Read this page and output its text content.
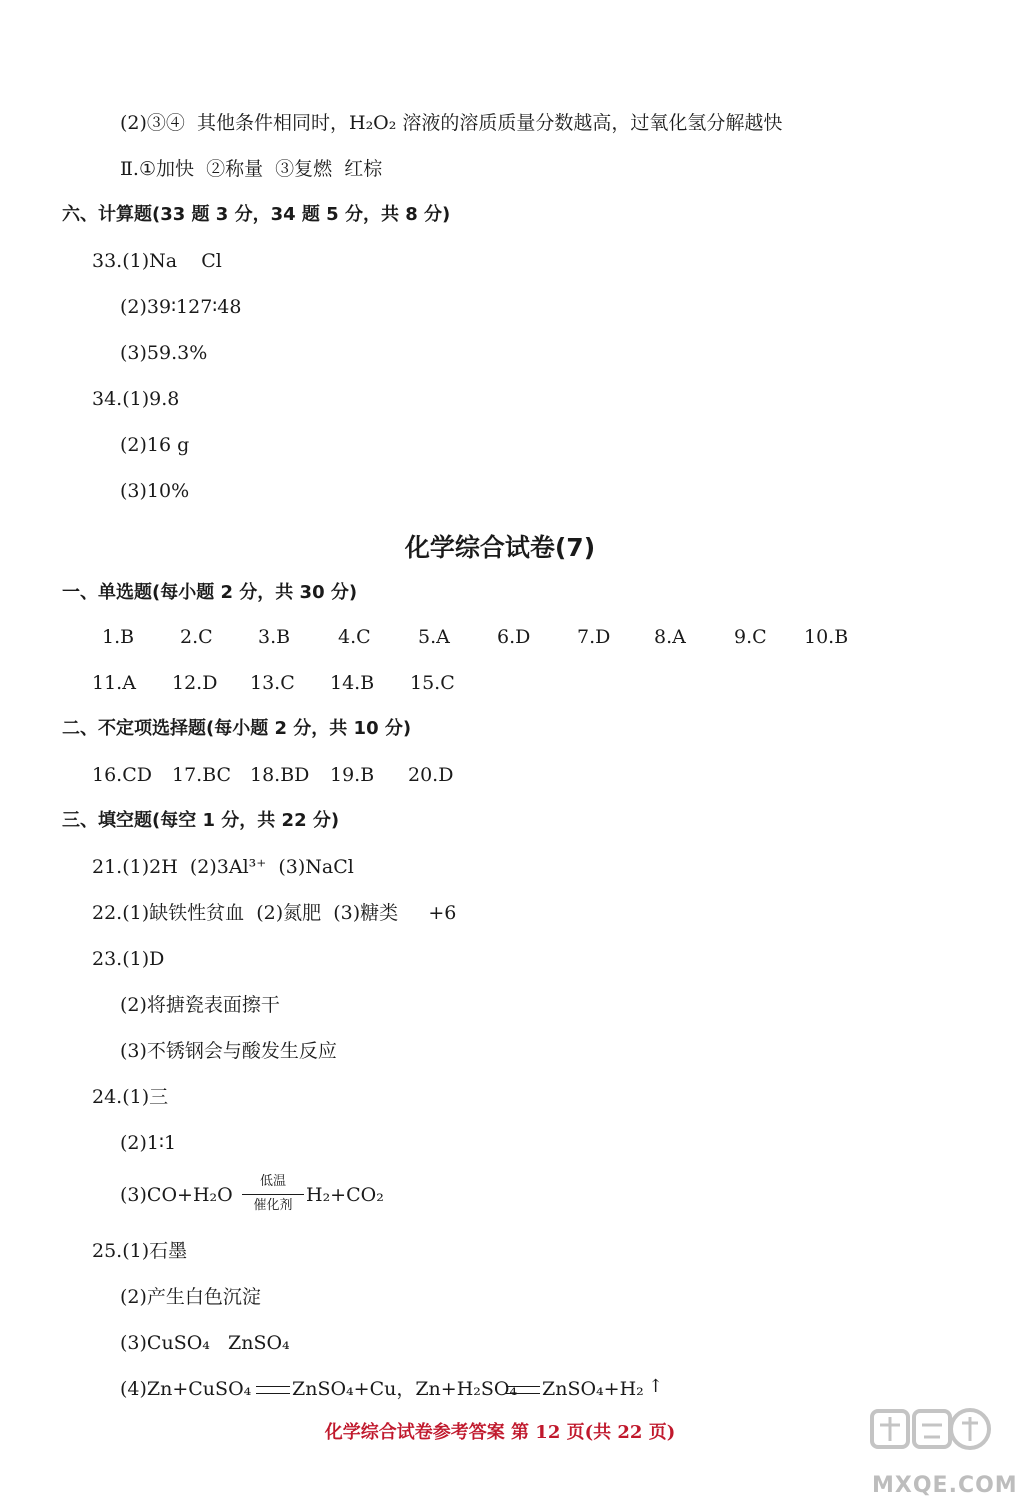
(2)③④  其他条件相同时，H₂O₂ 溶液的溶质质量分数越高，过氧化氢分解越快
Ⅱ.①加快  ②称量  ③复燃  红棕
六、计算题(33 题 3 分，34 题 5 分，共 8 分)
33.(1)Na    Cl
(2)39∶127∶48
(3)59.3%
34.(1)9.8
(2)16 g
(3)10%
化学综合试卷(7)
一、单选题(每小题 2 分，共 30 分)
1.B 2.C 3.B	4.C 5.A 6.D 7.D 8.A	9.C 10.B
11.A 12.D 13.C 14.B 15.C
二、不定项选择题(每小题 2 分，共 10 分)
16.CD 17.BC 18.BD 19.B 20.D
三、填空题(每空 1 分，共 22 分)
21.(1)2H  (2)3Al³⁺  (3)NaCl
22.(1)缺铁性贫血  (2)氮肥  (3)糖类     +6
23.(1)D
(2)将搪瓷表面擦干
(3)不锈钢会与酸发生反应
24.(1)三
(2)1∶1
(3)CO+H₂O
低温
催化剂 H₂+CO₂
25.(1)石墨
(2)产生白色沉淀
(3)CuSO₄   ZnSO₄
(4)Zn+CuSO₄ ZnSO₄+Cu，Zn+H₂SO₄ ZnSO₄+H₂ ↑
化学综合试卷参考答案 第 12 页(共 22 页)
MXQE.COM
